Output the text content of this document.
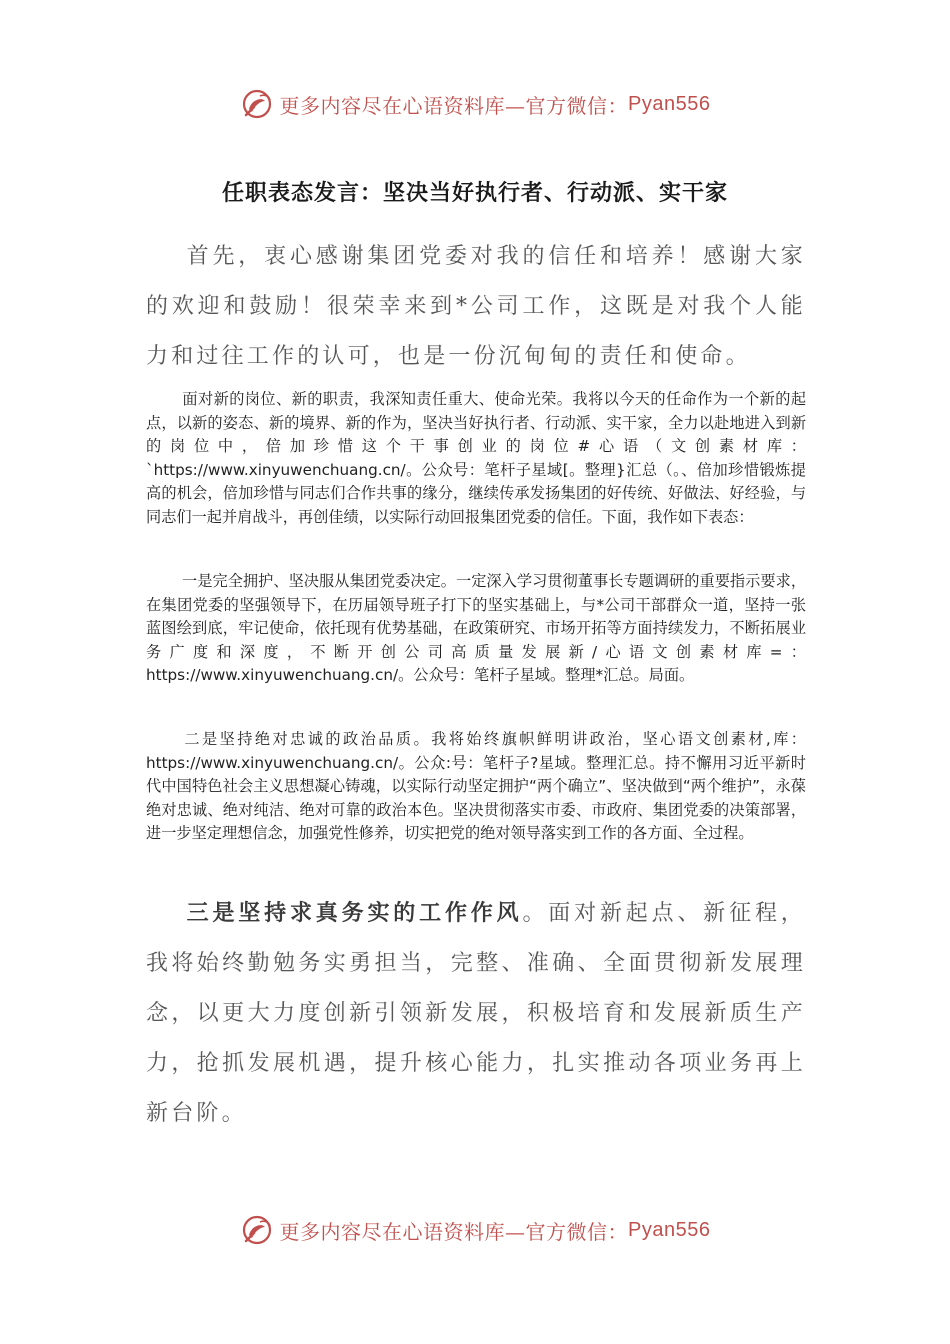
更多内容尽在心语资料库—官方微信： Pyan556
任职表态发言：坚决当好执行者、行动派、实干家
首先，衷心感谢集团党委对我的信任和培养！感谢大家的欢迎和鼓励！很荣幸来到*公司工作，这既是对我个人能力和过往工作的认可，也是一份沉甸甸的责任和使命。
面对新的岗位、新的职责，我深知责任重大、使命光荣。我将以今天的任命作为一个新的起点，以新的姿态、新的境界、新的作为，坚决当好执行者、行动派、实干家，全力以赴地进入到新的岗位中，倍加珍惜这个干事创业的岗位#心语（文创素材库：`https://www.xinyuwenchuang.cn/。公众号：笔杆子星域[。整理}汇总（。、倍加珍惜锻炼提高的机会，倍加珍惜与同志们合作共事的缘分，继续传承发扬集团的好传统、好做法、好经验，与同志们一起并肩战斗，再创佳绩，以实际行动回报集团党委的信任。下面，我作如下表态：
一是完全拥护、坚决服从集团党委决定。一定深入学习贯彻董事长专题调研的重要指示要求，在集团党委的坚强领导下，在历届领导班子打下的坚实基础上，与*公司干部群众一道，坚持一张蓝图绘到底，牢记使命，依托现有优势基础，在政策研究、市场开拓等方面持续发力，不断拓展业务广度和深度，不断开创公司高质量发展新/心语文创素材库=：https://www.xinyuwenchuang.cn/。公众号：笔杆子星域。整理*汇总。局面。
二是坚持绝对忠诚的政治品质。我将始终旗帜鲜明讲政治，坚心语文创素材,库：https://www.xinyuwenchuang.cn/。公众:号：笔杆子?星域。整理汇总。持不懈用习近平新时代中国特色社会主义思想凝心铸魂，以实际行动坚定拥护“两个确立”、坚决做到“两个维护”，永葆绝对忠诚、绝对纯洁、绝对可靠的政治本色。坚决贯彻落实市委、市政府、集团党委的决策部署，进一步坚定理想信念，加强党性修养，切实把党的绝对领导落实到工作的各方面、全过程。
三是坚持求真务实的工作作风。面对新起点、新征程，我将始终勤勉务实勇担当，完整、准确、全面贯彻新发展理念，以更大力度创新引领新发展，积极培育和发展新质生产力，抢抓发展机遇，提升核心能力，扎实推动各项业务再上新台阶。
更多内容尽在心语资料库—官方微信： Pyan556
